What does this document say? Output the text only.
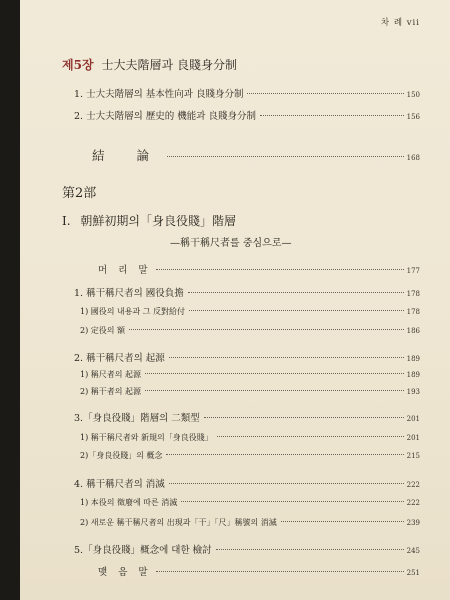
차 례 vii
제5장 士大夫階層과 良賤身分制
1. 士大夫階層의 基本性向과 良賤身分制	150
2. 士大夫階層의 歷史的 機能과 良賤身分制	156
結 論	168
第2部
I. 朝鮮初期의「身良役賤」階層
—稱干稱尺者를 중심으로—
머 리 말	177
1. 稱干稱尺者의 國役負擔	178
1) 國役의 내용과 그 反對給付	178
2) 定役의 額	186
2. 稱干稱尺者의 起源	189
1) 稱尺者의 起源	189
2) 稱干者의 起源	193
3.「身良役賤」階層의 二類型	201
1) 稱干稱尺者와 新規의「身良役賤」	201
2)「身良役賤」의 概念	215
4. 稱干稱尺者의 消滅	222
1) 本役의 徵廢에 따른 消滅	222
2) 새로운 稱干稱尺者의 出現과「干」「尺」稱號의 消滅	239
5.「身良役賤」概念에 대한 檢討	245
맺 음 말	251
